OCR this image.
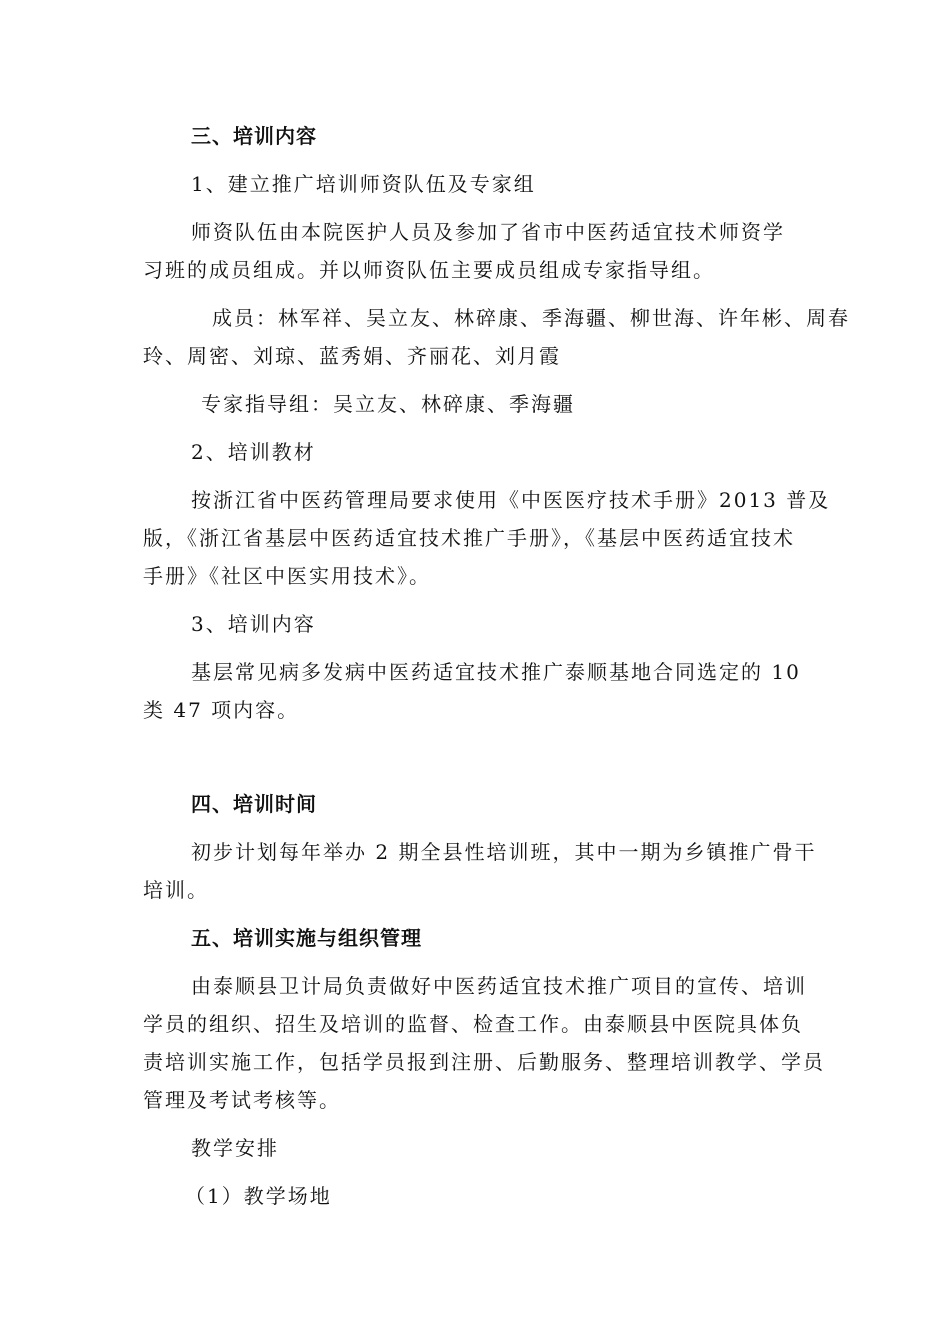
三、培训内容
1、建立推广培训师资队伍及专家组
师资队伍由本院医护人员及参加了省市中医药适宜技术师资学
习班的成员组成。并以师资队伍主要成员组成专家指导组。
成员：林军祥、吴立友、林碎康、季海疆、柳世海、许年彬、周春
玲、周密、刘琼、蓝秀娟、齐丽花、刘月霞
专家指导组：吴立友、林碎康、季海疆
2、培训教材
按浙江省中医药管理局要求使用《中医医疗技术手册》2013 普及
版，《浙江省基层中医药适宜技术推广手册》，《基层中医药适宜技术
手册》《社区中医实用技术》。
3、培训内容
基层常见病多发病中医药适宜技术推广泰顺基地合同选定的 10
类 47 项内容。
四、培训时间
初步计划每年举办 2 期全县性培训班，其中一期为乡镇推广骨干
培训。
五、培训实施与组织管理
由泰顺县卫计局负责做好中医药适宜技术推广项目的宣传、培训
学员的组织、招生及培训的监督、检查工作。由泰顺县中医院具体负
责培训实施工作，包括学员报到注册、后勤服务、整理培训教学、学员
管理及考试考核等。
教学安排
（1）教学场地
